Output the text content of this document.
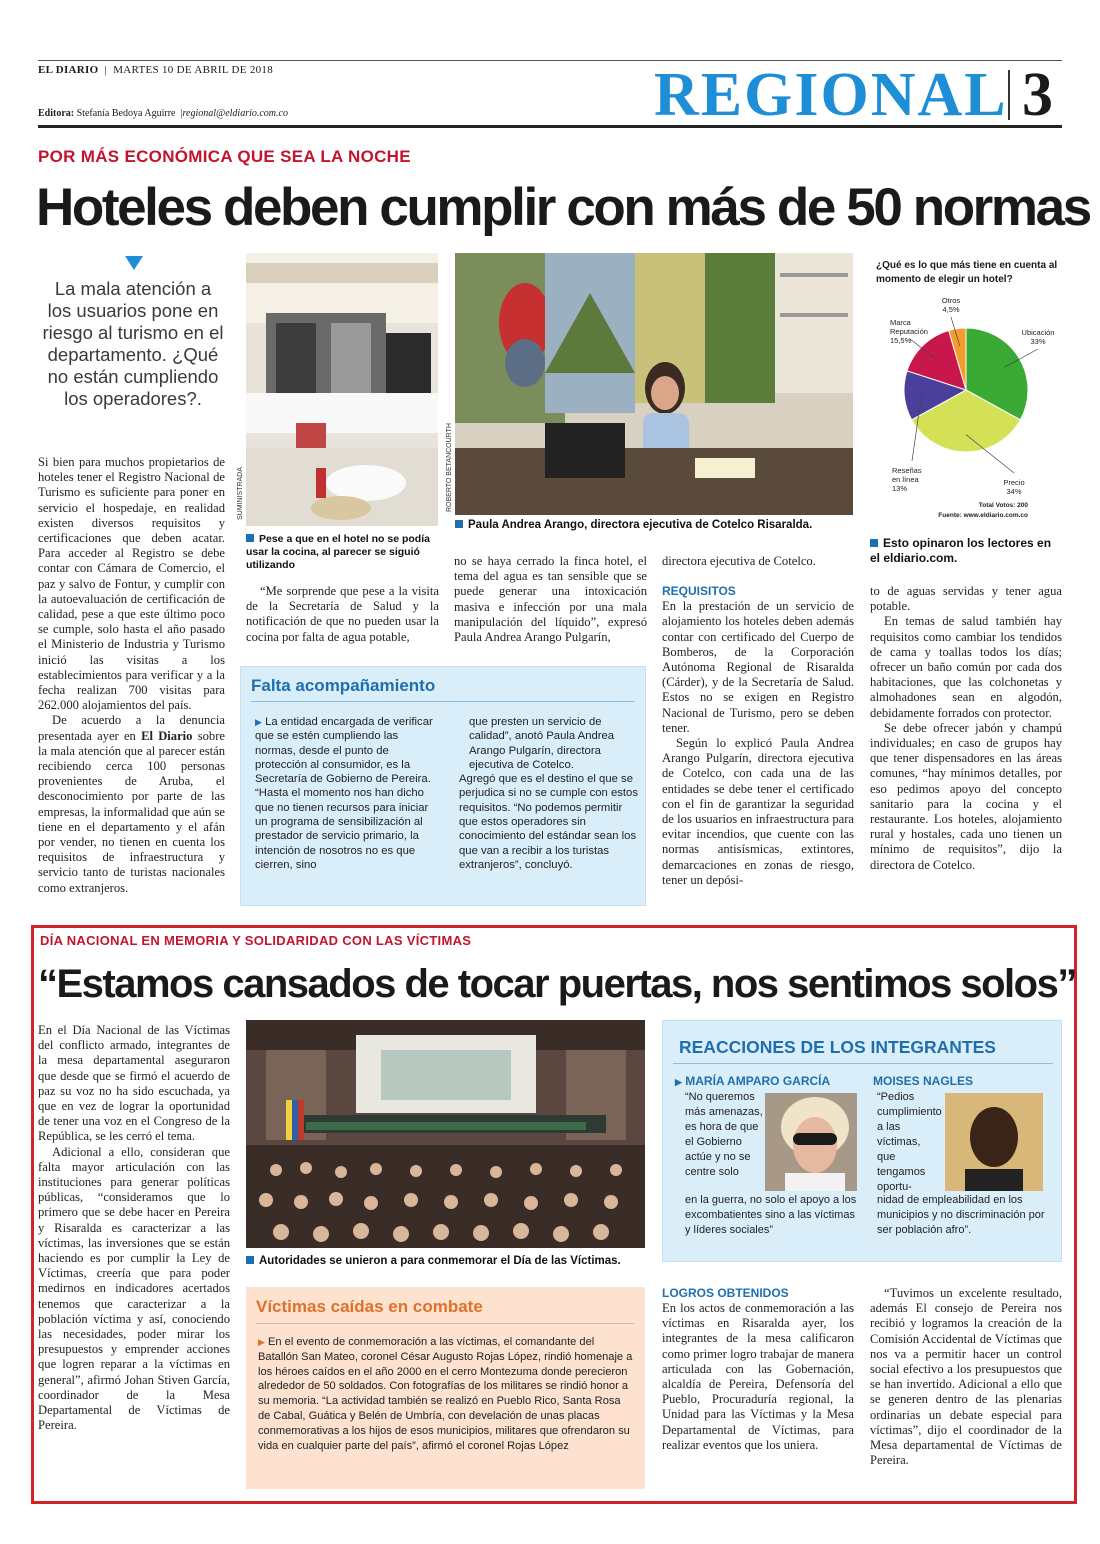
EL DIARIO  |  MARTES 10 DE ABRIL DE 2018
Editora: Stefanía Bedoya Aguirre  |regional@eldiario.com.co	REGIONAL 3
POR MÁS ECONÓMICA QUE SEA LA NOCHE
Hoteles deben cumplir con más de 50 normas
La mala atención a los usuarios pone en riesgo al turismo en el departamento. ¿Qué no están cumpliendo los operadores?.

Si bien para muchos propietarios de hoteles tener el Registro Nacional de Turismo es suficiente para poner en servicio el hospedaje, en realidad existen diversos requisitos y certificaciones que deben acatar. Para acceder al Registro se debe contar con Cámara de Comercio, el paz y salvo de Fontur, y cumplir con la autoevaluación de certificación de calidad, pese a que este último poco se cumple, solo hasta el año pasado el Ministerio de Industria y Turismo inició las visitas a los establecimientos para verificar y a la fecha realizan 700 visitas para 262.000 alojamientos del país.

De acuerdo a la denuncia presentada ayer en El Diario sobre la mala atención que al parecer están recibiendo cerca 100 personas provenientes de Aruba, el desconocimiento por parte de las empresas, la informalidad que aún se tiene en el departamento y el afán por vender, no tienen en cuenta los requisitos de infraestructura y servicio tanto de turistas nacionales como extranjeros.

SUMINISTRADA
Pese a que en el hotel no se podía usar la cocina, al parecer se siguió utilizando
ROBERTO BETANCOURTH
Paula Andrea Arango, directora ejecutiva de Cotelco Risaralda.
¿Qué es lo que más tiene en cuenta al momento de elegir un hotel?
Ubicación
33%
Precio
34%
Reseñas
en línea
13%
Marca
Reputación
15,5%
Otros
4,5%
Total Votos: 200
Fuente: www.eldiario.com.co
Esto opinaron los lectores en el eldiario.com.

“Me sorprende que pese a la visita de la Secretaría de Salud y la notificación de que no pueden usar la cocina por falta de agua potable,

no se haya cerrado la finca hotel, el tema del agua es tan sensible que se puede generar una intoxicación masiva e infección por una mala manipulación del líquido”, expresó Paula Andrea Arango Pulgarín,

directora ejecutiva de Cotelco.

REQUISITOS

En la prestación de un servicio de alojamiento los hoteles deben además contar con certificado del Cuerpo de Bomberos, de la Corporación Autónoma Regional de Risaralda (Cárder), y de la Secretaría de Salud. Estos no se exigen en Registro Nacional de Turismo, pero se deben tener.

Según lo explicó Paula Andrea Arango Pulgarín, directora ejecutiva de Cotelco, con cada una de las entidades se debe tener el certificado con el fin de garantizar la seguridad de los usuarios en infraestructura para evitar incendios, que cuente con las normas antisísmicas, extintores, demarcaciones en zonas de riesgo, tener un depósi-

to de aguas servidas y tener agua potable.

En temas de salud también hay requisitos como cambiar los tendidos de cama y toallas todos los días; ofrecer un baño común por cada dos habitaciones, que las colchonetas y almohadones sean en algodón, debidamente forrados con protector.

Se debe ofrecer jabón y champú individuales; en caso de grupos hay que tener dispensadores en las áreas comunes, “hay mínimos detalles, por eso pedimos apoyo del concepto sanitario para la cocina y el restaurante. Los hoteles, alojamiento rural y hostales, cada uno tienen un mínimo de requisitos”, dijo la directora de Cotelco.

Falta acompañamiento
▶ La entidad encargada de verificar que se estén cumpliendo las normas, desde el punto de protección al consumidor, es la Secretaría de Gobierno de Pereira. “Hasta el momento nos han dicho que no tienen recursos para iniciar un programa de sensibilización al prestador de servicio primario, la intención de nosotros no es que cierren, sino
que presten un servicio de calidad”, anotó Paula Andrea Arango Pulgarín, directora ejecutiva de Cotelco.
Agregó que es el destino el que se perjudica si no se cumple con estos requisitos. “No podemos permitir que estos operadores sin conocimiento del estándar sean los que van a recibir a los turistas extranjeros”, concluyó.
DÍA NACIONAL EN MEMORIA Y SOLIDARIDAD CON LAS VÍCTIMAS
“Estamos cansados de tocar puertas, nos sentimos solos”

En el Día Nacional de las Víctimas del conflicto armado, integrantes de la mesa departamental aseguraron que desde que se firmó el acuerdo de paz su voz no ha sido escuchada, ya que en vez de lograr la oportunidad de tener una voz en el Congreso de la República, se les cerró el tema.

Adicional a ello, consideran que falta mayor articulación con las instituciones para generar políticas públicas, “consideramos que lo primero que se debe hacer en Pereira y Risaralda es caracterizar a las víctimas, las inversiones que se están haciendo es por cumplir la Ley de Víctimas, creería que para poder medirnos en indicadores acertados tenemos que caracterizar a la población víctima y así, conociendo las necesidades, poder mirar los presupuestos y emprender acciones que logren reparar a la víctimas en general”, afirmó Johan Stiven García, coordinador de la Mesa Departamental de Víctimas de Pereira.

CORTESÍA
Autoridades se unieron a para conmemorar el Día de las Víctimas.
Víctimas caídas en combate
▶ En el evento de conmemoración a las víctimas, el comandante del Batallón San Mateo, coronel César Augusto Rojas López, rindió homenaje a los héroes caídos en el año 2000 en el cerro Montezuma donde perecieron alrededor de 50 soldados. Con fotografías de los militares se rindió honor a su memoria. “La actividad también se realizó en Pueblo Rico, Santa Rosa de Cabal, Guática y Belén de Umbría, con develación de unas placas conmemorativas a los hijos de esos municipios, militares que ofrendaron su vida en cualquier parte del país”, afirmó el coronel Rojas López
REACCIONES DE LOS INTEGRANTES
▶ MARÍA AMPARO GARCÍA
“No queremos más amenazas, es hora de que el Gobierno actúe y no se centre solo
en la guerra, no solo el apoyo a los excombatientes sino a las víctimas y líderes sociales”
MOISES NAGLES
“Pedios cumplimiento a las víctimas, que tengamos oportu-
nidad de empleabilidad en los municipios y no discriminación por ser población afro”.
LOGROS OBTENIDOS

En los actos de conmemoración a las víctimas en Risaralda ayer, los integrantes de la mesa calificaron como primer logro trabajar de manera articulada con las Gobernación, alcaldía de Pereira, Defensoría del Pueblo, Procuraduría regional, la Unidad para las Víctimas y la Mesa Departamental de Víctimas, para realizar eventos que los uniera.

“Tuvimos un excelente resultado, además El consejo de Pereira nos recibió y logramos la creación de la Comisión Accidental de Víctimas que nos va a permitir hacer un control social efectivo a los presupuestos que se han invertido. Adicional a ello que se generen dentro de las plenarias ordinarias un debate especial para víctimas”, dijo el coordinador de la Mesa departamental de Víctimas de Pereira.
